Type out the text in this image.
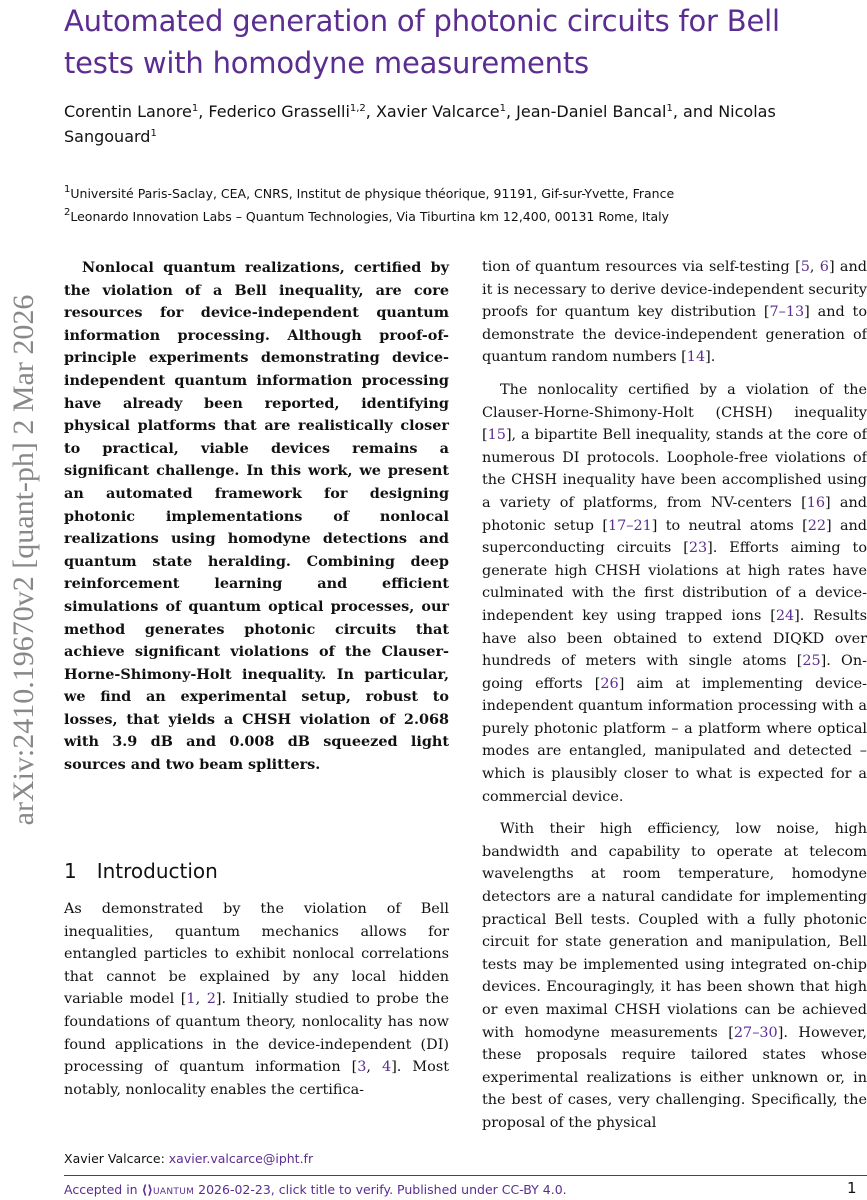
Automated generation of photonic circuits for Bell tests with homodyne measurements
Corentin Lanore$^1$, Federico Grasselli$^{1,2}$, Xavier Valcarce$^1$, Jean-Daniel Bancal$^1$, and Nicolas Sangouard$^1$
$^1$Université Paris-Saclay, CEA, CNRS, Institut de physique théorique, 91191, Gif-sur-Yvette, France
$^2$Leonardo Innovation Labs – Quantum Technologies, Via Tiburtina km 12,400, 00131 Rome, Italy
arXiv:2410.19670v2 [quant-ph] 2 Mar 2026

Nonlocal quantum realizations, certified by the violation of a Bell inequality, are core resources for device-independent quantum information processing. Although proof-of-principle experiments demonstrating device-independent quantum information processing have already been reported, identifying physical platforms that are realistically closer to practical, viable devices remains a significant challenge. In this work, we present an automated framework for designing photonic implementations of nonlocal realizations using homodyne detections and quantum state heralding. Combining deep reinforcement learning and efficient simulations of quantum optical processes, our method generates photonic circuits that achieve significant violations of the Clauser-Horne-Shimony-Holt inequality. In particular, we find an experimental setup, robust to losses, that yields a CHSH violation of 2.068 with 3.9 dB and 0.008 dB squeezed light sources and two beam splitters.

1 Introduction

As demonstrated by the violation of Bell inequalities, quantum mechanics allows for entangled particles to exhibit nonlocal correlations that cannot be explained by any local hidden variable model [1, 2]. Initially studied to probe the foundations of quantum theory, nonlocality has now found applications in the device-independent (DI) processing of quantum information [3, 4]. Most notably, nonlocality enables the certifica-

tion of quantum resources via self-testing [5, 6] and it is necessary to derive device-independent security proofs for quantum key distribution [7–13] and to demonstrate the device-independent generation of quantum random numbers [14].

The nonlocality certified by a violation of the Clauser-Horne-Shimony-Holt (CHSH) inequality [15], a bipartite Bell inequality, stands at the core of numerous DI protocols. Loophole-free violations of the CHSH inequality have been accomplished using a variety of platforms, from NV-centers [16] and photonic setup [17–21] to neutral atoms [22] and superconducting circuits [23]. Efforts aiming to generate high CHSH violations at high rates have culminated with the first distribution of a device-independent key using trapped ions [24]. Results have also been obtained to extend DIQKD over hundreds of meters with single atoms [25]. On-going efforts [26] aim at implementing device-independent quantum information processing with a purely photonic platform – a platform where optical modes are entangled, manipulated and detected – which is plausibly closer to what is expected for a commercial device.

With their high efficiency, low noise, high bandwidth and capability to operate at telecom wavelengths at room temperature, homodyne detectors are a natural candidate for implementing practical Bell tests. Coupled with a fully photonic circuit for state generation and manipulation, Bell tests may be implemented using integrated on-chip devices. Encouragingly, it has been shown that high or even maximal CHSH violations can be achieved with homodyne measurements [27–30]. However, these proposals require tailored states whose experimental realizations is either unknown or, in the best of cases, very challenging. Specifically, the proposal of the physical

Xavier Valcarce: xavier.valcarce@ipht.fr
Accepted in ⟨⟩uantum 2026-02-23, click title to verify. Published under CC-BY 4.0.	1
